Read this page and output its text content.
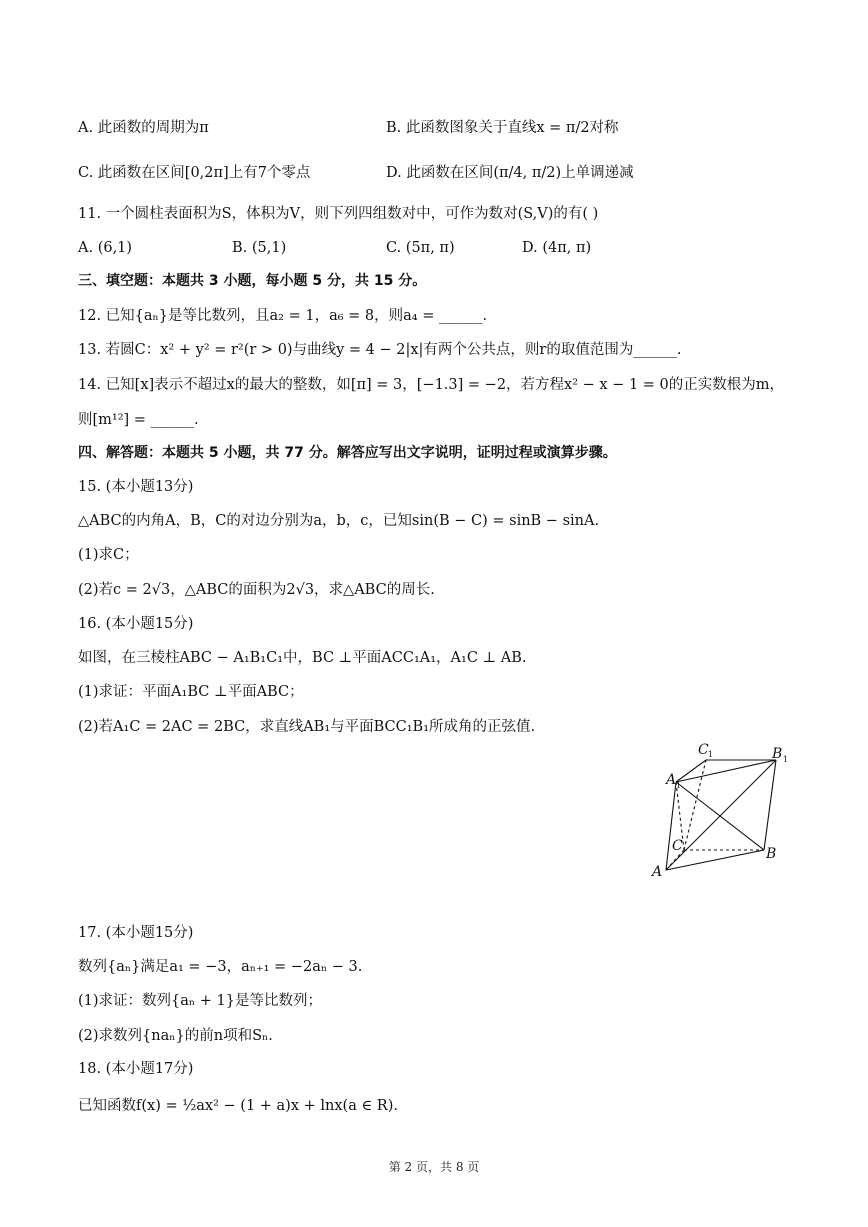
A. 此函数的周期为π	B. 此函数图象关于直线x = π/2对称
C. 此函数在区间[0,2π]上有7个零点	D. 此函数在区间(π/4, π/2)上单调递减
11. 一个圆柱表面积为S，体积为V，则下列四组数对中，可作为数对(S,V)的有( )
A. (6,1)	B. (5,1)	C. (5π, π)	D. (4π, π)
三、填空题：本题共 3 小题，每小题 5 分，共 15 分。
12. 已知{aₙ}是等比数列，且a₂ = 1，a₆ = 8，则a₄ = ______.
13. 若圆C：x² + y² = r²(r > 0)与曲线y = 4 − 2|x|有两个公共点，则r的取值范围为______.
14. 已知[x]表示不超过x的最大的整数，如[π] = 3，[−1.3] = −2，若方程x² − x − 1 = 0的正实数根为m，
则[m¹²] = ______.
四、解答题：本题共 5 小题，共 77 分。解答应写出文字说明，证明过程或演算步骤。
15. (本小题13分)
△ABC的内角A，B，C的对边分别为a，b，c，已知sin(B − C) = sinB − sinA.
(1)求C；
(2)若c = 2√3，△ABC的面积为2√3，求△ABC的周长.
16. (本小题15分)
如图，在三棱柱ABC − A₁B₁C₁中，BC ⊥平面ACC₁A₁，A₁C ⊥ AB.
(1)求证：平面A₁BC ⊥平面ABC；
(2)若A₁C = 2AC = 2BC，求直线AB₁与平面BCC₁B₁所成角的正弦值.
C 1	B 1
A 1
C	B
A
17. (本小题15分)
数列{aₙ}满足a₁ = −3，aₙ₊₁ = −2aₙ − 3.
(1)求证：数列{aₙ + 1}是等比数列；
(2)求数列{naₙ}的前n项和Sₙ.
18. (本小题17分)
已知函数f(x) = ½ax² − (1 + a)x + lnx(a ∈ R).
第 2 页，共 8 页
